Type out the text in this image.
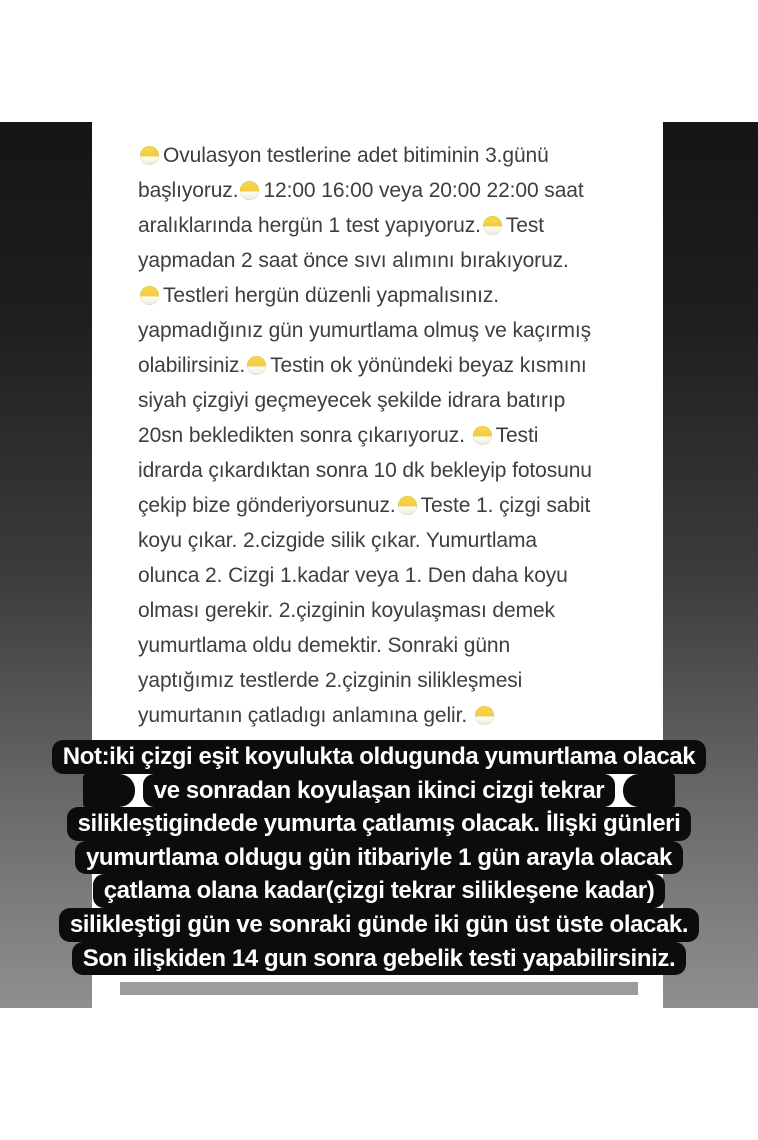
Ovulasyon testlerine adet bitiminin 3.günü
başlıyoruz. 12:00 16:00 veya 20:00 22:00 saat
aralıklarında hergün 1 test yapıyoruz. Test
yapmadan 2 saat önce sıvı alımını bırakıyoruz.
Testleri hergün düzenli yapmalısınız.
yapmadığınız gün yumurtlama olmuş ve kaçırmış
olabilirsiniz. Testin ok yönündeki beyaz kısmını
siyah çizgiyi geçmeyecek şekilde idrara batırıp
20sn bekledikten sonra çıkarıyoruz. Testi
idrarda çıkardıktan sonra 10 dk bekleyip fotosunu
çekip bize gönderiyorsunuz. Teste 1. çizgi sabit
koyu çıkar. 2.cizgide silik çıkar. Yumurtlama
olunca 2. Cizgi 1.kadar veya 1. Den daha koyu
olması gerekir. 2.çizginin koyulaşması demek
yumurtlama oldu demektir. Sonraki günn
yaptığımız testlerde 2.çizginin silikleşmesi
yumurtanın çatladıgı anlamına gelir.
Not:iki çizgi eşit koyulukta oldugunda yumurtlama olacak
ve sonradan koyulaşan ikinci cizgi tekrar
silikleştigindede yumurta çatlamış olacak. İlişki günleri
yumurtlama oldugu gün itibariyle 1 gün arayla olacak
çatlama olana kadar(çizgi tekrar silikleşene kadar)
silikleştigi gün ve sonraki günde iki gün üst üste olacak.
Son ilişkiden 14 gun sonra gebelik testi yapabilirsiniz.
